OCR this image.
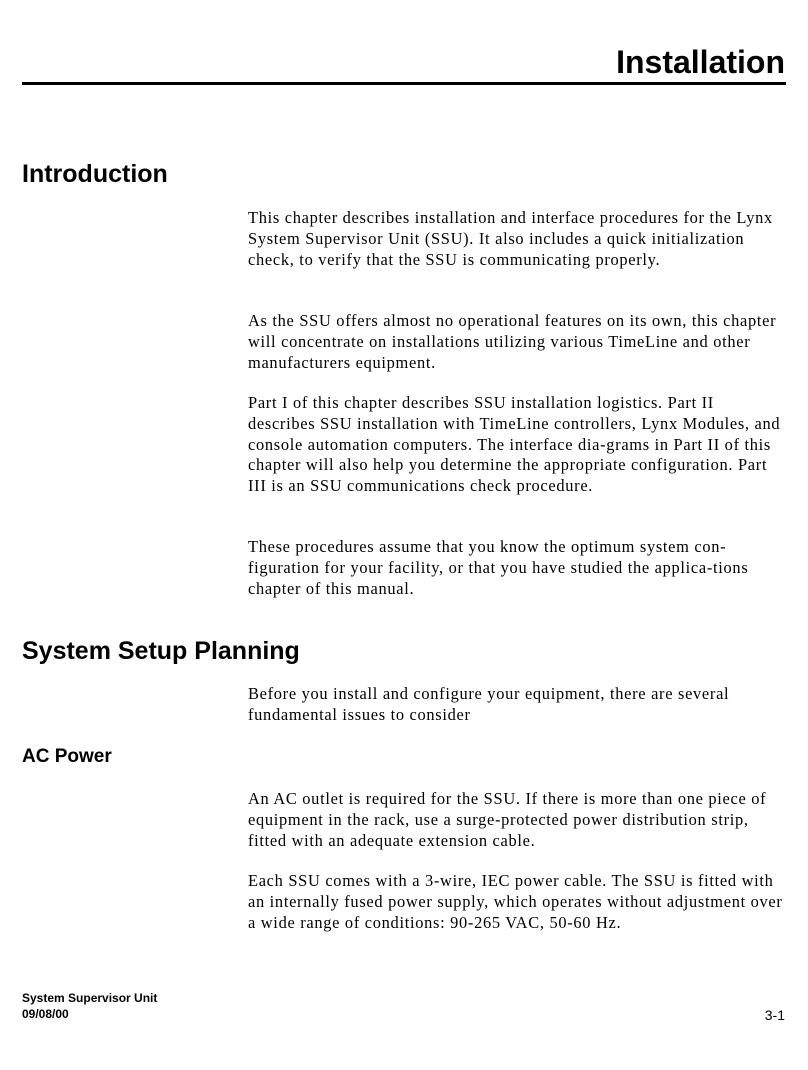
Installation
Introduction

This chapter describes installation and interface procedures for the Lynx System Supervisor Unit (SSU). It also includes a quick initialization check, to verify that the SSU is communicating properly.

As the SSU offers almost no operational features on its own, this chapter will concentrate on installations utilizing various TimeLine and other manufacturers equipment.

Part I of this chapter describes SSU installation logistics. Part II describes SSU installation with TimeLine controllers, Lynx Modules, and console automation computers. The interface dia-grams in Part II of this chapter will also help you determine the appropriate configuration. Part III is an SSU communications check procedure.

These procedures assume that you know the optimum system con-figuration for your facility, or that you have studied the applica-tions chapter of this manual.

System Setup Planning

Before you install and configure your equipment, there are several fundamental issues to consider

AC Power

An AC outlet is required for the SSU. If there is more than one piece of equipment in the rack, use a surge-protected power distribution strip, fitted with an adequate extension cable.

Each SSU comes with a 3-wire, IEC power cable. The SSU is fitted with an internally fused power supply, which operates without adjustment over a wide range of conditions: 90-265 VAC, 50-60 Hz.

System Supervisor Unit
09/08/00	3-1
